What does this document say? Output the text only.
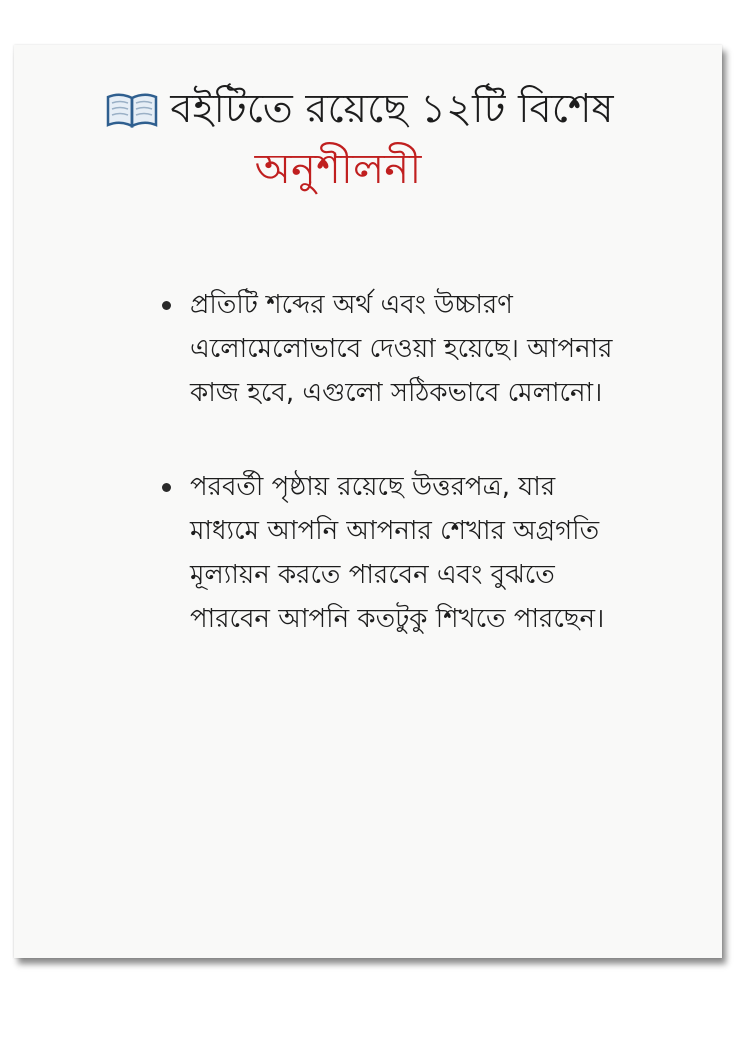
বইটিতে রয়েছে ১২টি বিশেষ
অনুশীলনী
প্রতিটি শব্দের অর্থ এবং উচ্চারণ এলোমেলোভাবে দেওয়া হয়েছে। আপনার কাজ হবে, এগুলো সঠিকভাবে মেলানো।
পরবর্তী পৃষ্ঠায় রয়েছে উত্তরপত্র, যার মাধ্যমে আপনি আপনার শেখার অগ্রগতি মূল্যায়ন করতে পারবেন এবং বুঝতে পারবেন আপনি কতটুকু শিখতে পারছেন।
